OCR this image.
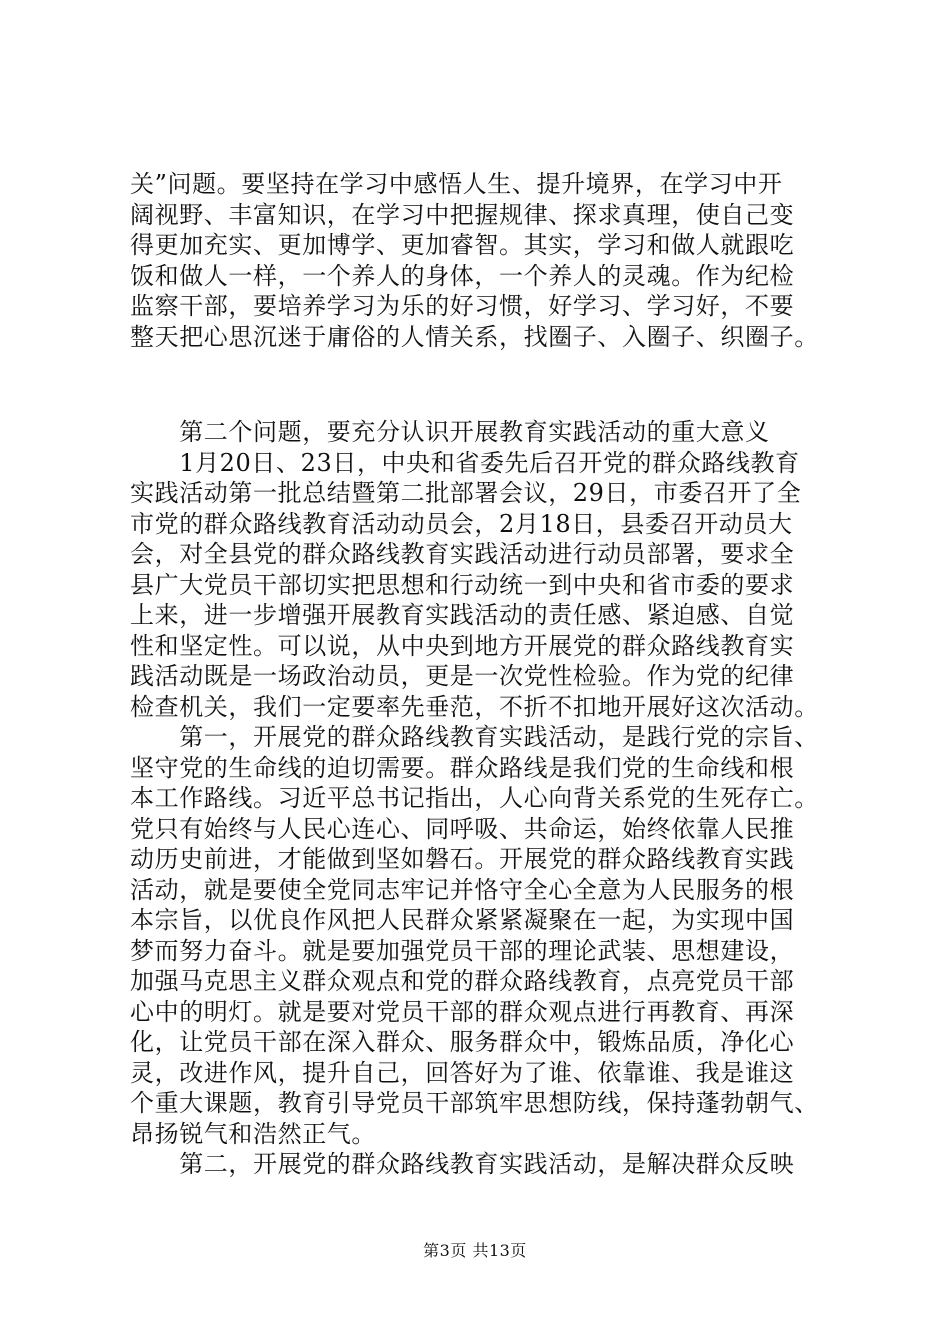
关”问题。要坚持在学习中感悟人生、提升境界，在学习中开
阔视野、丰富知识，在学习中把握规律、探求真理，使自己变
得更加充实、更加博学、更加睿智。其实，学习和做人就跟吃
饭和做人一样，一个养人的身体，一个养人的灵魂。作为纪检
监察干部，要培养学习为乐的好习惯，好学习、学习好，不要
整天把心思沉迷于庸俗的人情关系，找圈子、入圈子、织圈子。
　　第二个问题，要充分认识开展教育实践活动的重大意义
　　1月20日、23日，中央和省委先后召开党的群众路线教育
实践活动第一批总结暨第二批部署会议，29日，市委召开了全
市党的群众路线教育活动动员会，2月18日，县委召开动员大
会，对全县党的群众路线教育实践活动进行动员部署，要求全
县广大党员干部切实把思想和行动统一到中央和省市委的要求
上来，进一步增强开展教育实践活动的责任感、紧迫感、自觉
性和坚定性。可以说，从中央到地方开展党的群众路线教育实
践活动既是一场政治动员，更是一次党性检验。作为党的纪律
检查机关，我们一定要率先垂范，不折不扣地开展好这次活动。
　　第一，开展党的群众路线教育实践活动，是践行党的宗旨、
坚守党的生命线的迫切需要。群众路线是我们党的生命线和根
本工作路线。习近平总书记指出，人心向背关系党的生死存亡。
党只有始终与人民心连心、同呼吸、共命运，始终依靠人民推
动历史前进，才能做到坚如磐石。开展党的群众路线教育实践
活动，就是要使全党同志牢记并恪守全心全意为人民服务的根
本宗旨，以优良作风把人民群众紧紧凝聚在一起，为实现中国
梦而努力奋斗。就是要加强党员干部的理论武装、思想建设，
加强马克思主义群众观点和党的群众路线教育，点亮党员干部
心中的明灯。就是要对党员干部的群众观点进行再教育、再深
化，让党员干部在深入群众、服务群众中，锻炼品质，净化心
灵，改进作风，提升自己，回答好为了谁、依靠谁、我是谁这
个重大课题，教育引导党员干部筑牢思想防线，保持蓬勃朝气、
昂扬锐气和浩然正气。
　　第二，开展党的群众路线教育实践活动，是解决群众反映
第3页 共13页
